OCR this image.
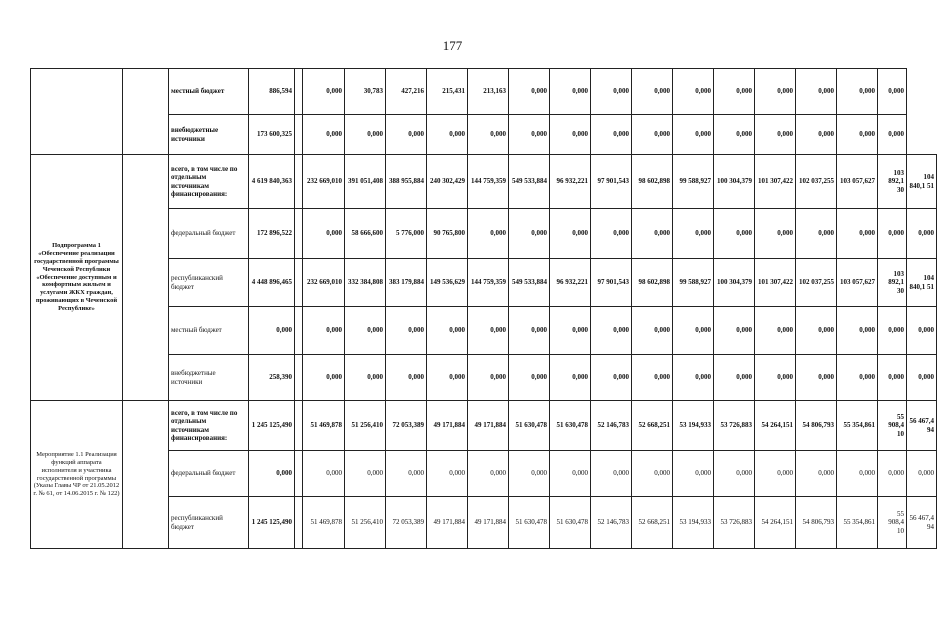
177
		местный бюджет	886,594		0,000	30,783	427,216	215,431	213,163	0,000	0,000	0,000	0,000	0,000	0,000	0,000	0,000	0,000	0,000	
		внебюджетные источники	173 600,325		0,000	0,000	0,000	0,000	0,000	0,000	0,000	0,000	0,000	0,000	0,000	0,000	0,000	0,000	0,000	
Подпрограмма 1 «Обеспечение реализации государственной программы Чеченской Республики «Обеспечение доступным и комфортным жильем и услугами ЖКХ граждан, проживающих в Чеченской Республике»		всего, в том числе по отдельным источникам финансирования:	4 619 840,363		232 669,010	391 051,408	388 955,884	240 302,429	144 759,359	549 533,884	96 932,221	97 901,543	98 602,898	99 588,927	100 304,379	101 307,422	102 037,255	103 057,627	103 892,1 30	104 840,1 51
		федеральный бюджет	172 896,522		0,000	58 666,600	5 776,000	90 765,800	0,000	0,000	0,000	0,000	0,000	0,000	0,000	0,000	0,000	0,000	0,000	0,000
		республиканский бюджет	4 448 896,465		232 669,010	332 384,808	383 179,884	149 536,629	144 759,359	549 533,884	96 932,221	97 901,543	98 602,898	99 588,927	100 304,379	101 307,422	102 037,255	103 057,627	103 892,1 30	104 840,1 51
		местный бюджет	0,000		0,000	0,000	0,000	0,000	0,000	0,000	0,000	0,000	0,000	0,000	0,000	0,000	0,000	0,000	0,000	0,000
		внебюджетные источники	258,390		0,000	0,000	0,000	0,000	0,000	0,000	0,000	0,000	0,000	0,000	0,000	0,000	0,000	0,000	0,000	0,000
Мероприятие 1.1 Реализация функций аппарата исполнителя и участника государственной программы (Указы Главы ЧР от 21.05.2012 г. № 61, от 14.06.2015 г. № 122)		всего, в том числе по отдельным источникам финансирования:	1 245 125,490		51 469,878	51 256,410	72 053,389	49 171,884	49 171,884	51 630,478	51 630,478	52 146,783	52 668,251	53 194,933	53 726,883	54 264,151	54 806,793	55 354,861	55 908,4 10	56 467,4 94
		федеральный бюджет	0,000		0,000	0,000	0,000	0,000	0,000	0,000	0,000	0,000	0,000	0,000	0,000	0,000	0,000	0,000	0,000	0,000
		республиканский бюджет	1 245 125,490		51 469,878	51 256,410	72 053,389	49 171,884	49 171,884	51 630,478	51 630,478	52 146,783	52 668,251	53 194,933	53 726,883	54 264,151	54 806,793	55 354,861	55 908,4 10	56 467,4 94
